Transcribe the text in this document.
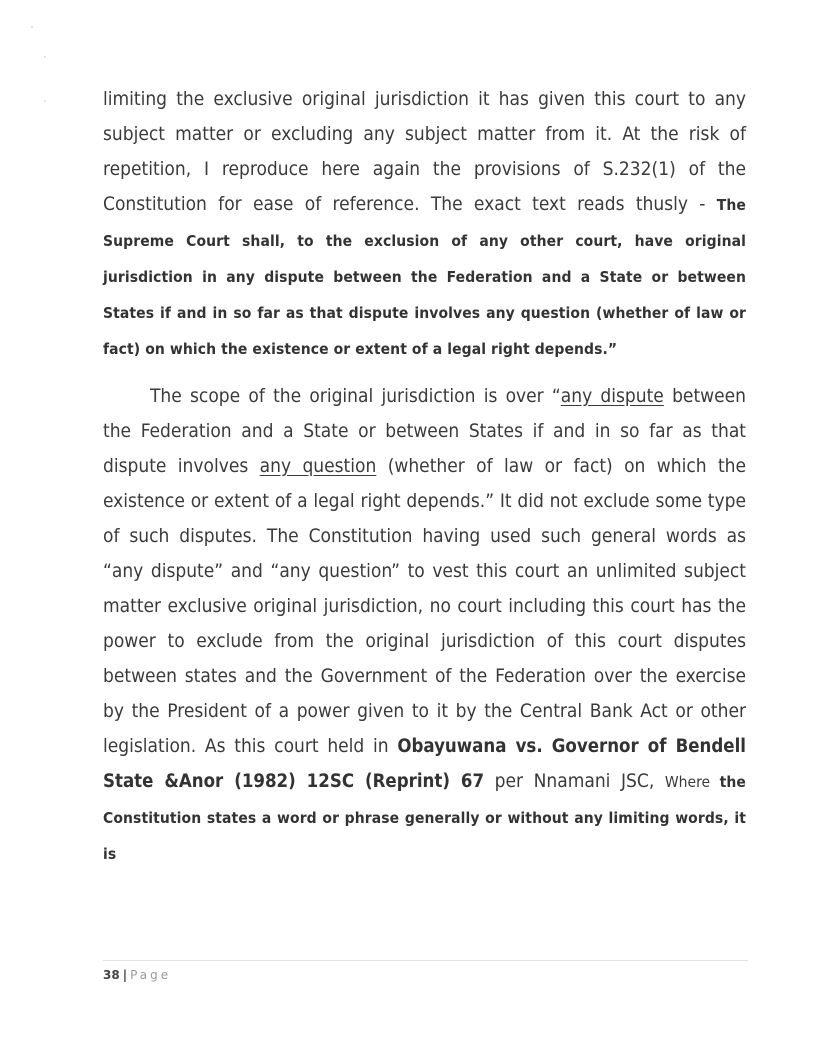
limiting the exclusive original jurisdiction it has given this court to any subject matter or excluding any subject matter from it. At the risk of repetition, I reproduce here again the provisions of S.232(1) of the Constitution for ease of reference. The exact text reads thusly - The Supreme Court shall, to the exclusion of any other court, have original jurisdiction in any dispute between the Federation and a State or between States if and in so far as that dispute involves any question (whether of law or fact) on which the existence or extent of a legal right depends.”

The scope of the original jurisdiction is over “any dispute between the Federation and a State or between States if and in so far as that dispute involves any question (whether of law or fact) on which the existence or extent of a legal right depends.” It did not exclude some type of such disputes. The Constitution having used such general words as “any dispute” and “any question” to vest this court an unlimited subject matter exclusive original jurisdiction, no court including this court has the power to exclude from the original jurisdiction of this court disputes between states and the Government of the Federation over the exercise by the President of a power given to it by the Central Bank Act or other legislation. As this court held in Obayuwana vs. Governor of Bendell State &Anor (1982) 12SC (Reprint) 67 per Nnamani JSC, Where the Constitution states a word or phrase generally or without any limiting words, it is

38 | Page
